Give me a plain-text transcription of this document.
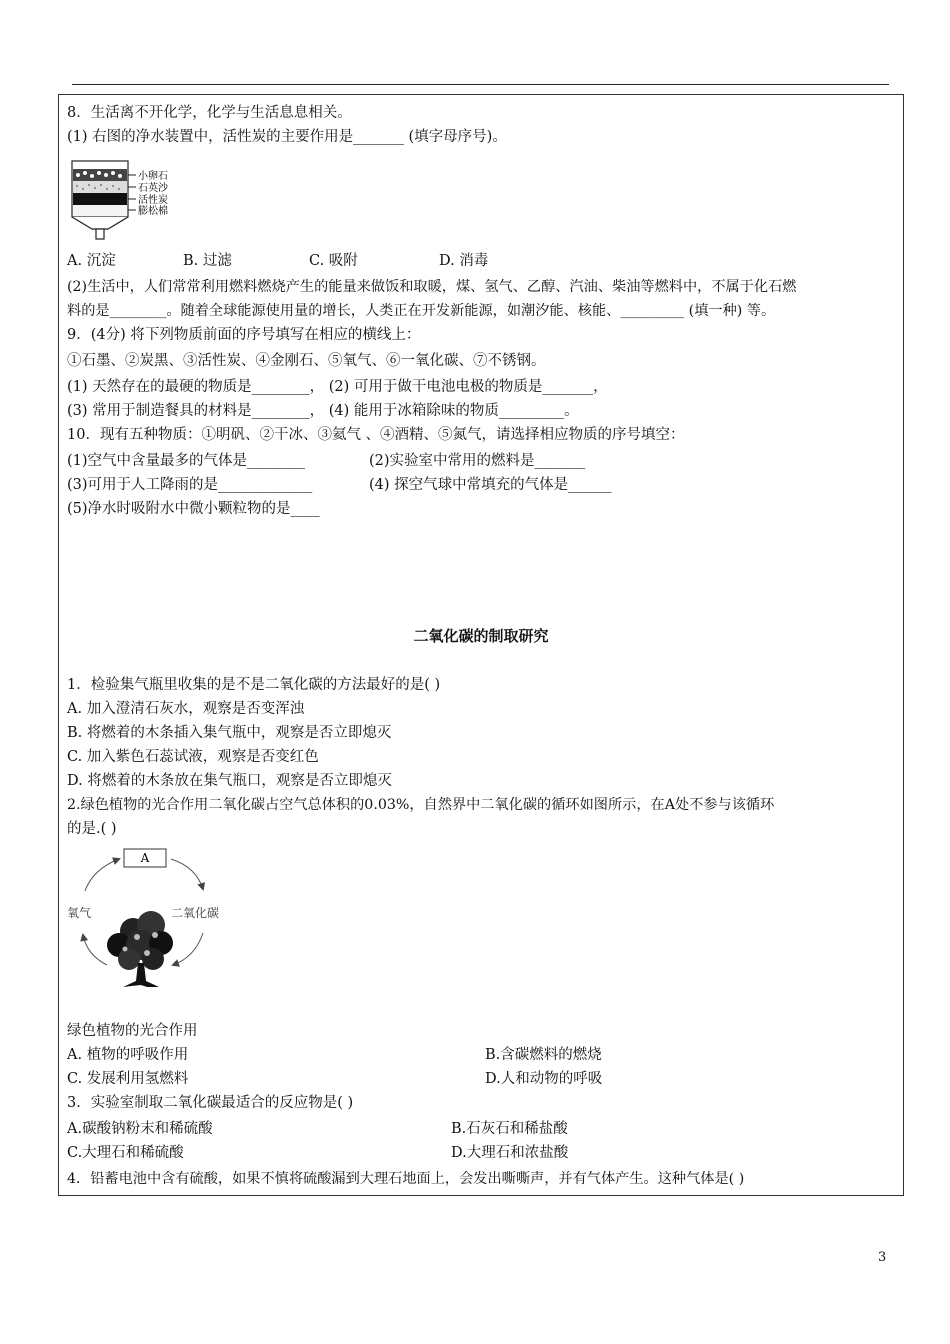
8．生活离不开化学，化学与生活息息相关。
(1) 右图的净水装置中，活性炭的主要作用是_______ (填字母序号)。
小卵石
石英沙
活性炭
膨松棉
A. 沉淀	B. 过滤	C. 吸附	D. 消毒
(2)生活中，人们常常利用燃料燃烧产生的能量来做饭和取暖，煤、氢气、乙醇、汽油、柴油等燃料中，不属于化石燃
料的是________。随着全球能源使用量的增长，人类正在开发新能源，如潮汐能、核能、_________ (填一种) 等。
9．(4分) 将下列物质前面的序号填写在相应的横线上：
①石墨、②炭黑、③活性炭、④金刚石、⑤氧气、⑥一氧化碳、⑦不锈钢。
(1) 天然存在的最硬的物质是________， (2) 可用于做干电池电极的物质是_______，
(3) 常用于制造餐具的材料是________， (4) 能用于冰箱除味的物质_________。
10．现有五种物质：①明矾、②干冰、③氦气 、④酒精、⑤氮气，请选择相应物质的序号填空：
(1)空气中含量最多的气体是________	(2)实验室中常用的燃料是_______
(3)可用于人工降雨的是_____________	(4) 探空气球中常填充的气体是______
(5)净水时吸附水中微小颗粒物的是____
二氧化碳的制取研究
1．检验集气瓶里收集的是不是二氧化碳的方法最好的是( )
A. 加入澄清石灰水，观察是否变浑浊
B. 将燃着的木条插入集气瓶中，观察是否立即熄灭
C. 加入紫色石蕊试液，观察是否变红色
D. 将燃着的木条放在集气瓶口，观察是否立即熄灭
2.绿色植物的光合作用二氧化碳占空气总体积的0.03%，自然界中二氧化碳的循环如图所示，在A处不参与该循环
的是.( )
A
氧气	二氧化碳
绿色植物的光合作用
A. 植物的呼吸作用	B.含碳燃料的燃烧
C. 发展利用氢燃料	D.人和动物的呼吸
3．实验室制取二氧化碳最适合的反应物是( )
A.碳酸钠粉末和稀硫酸	B.石灰石和稀盐酸
C.大理石和稀硫酸	D.大理石和浓盐酸
4．铅蓄电池中含有硫酸，如果不慎将硫酸漏到大理石地面上，会发出嘶嘶声，并有气体产生。这种气体是( )
3
